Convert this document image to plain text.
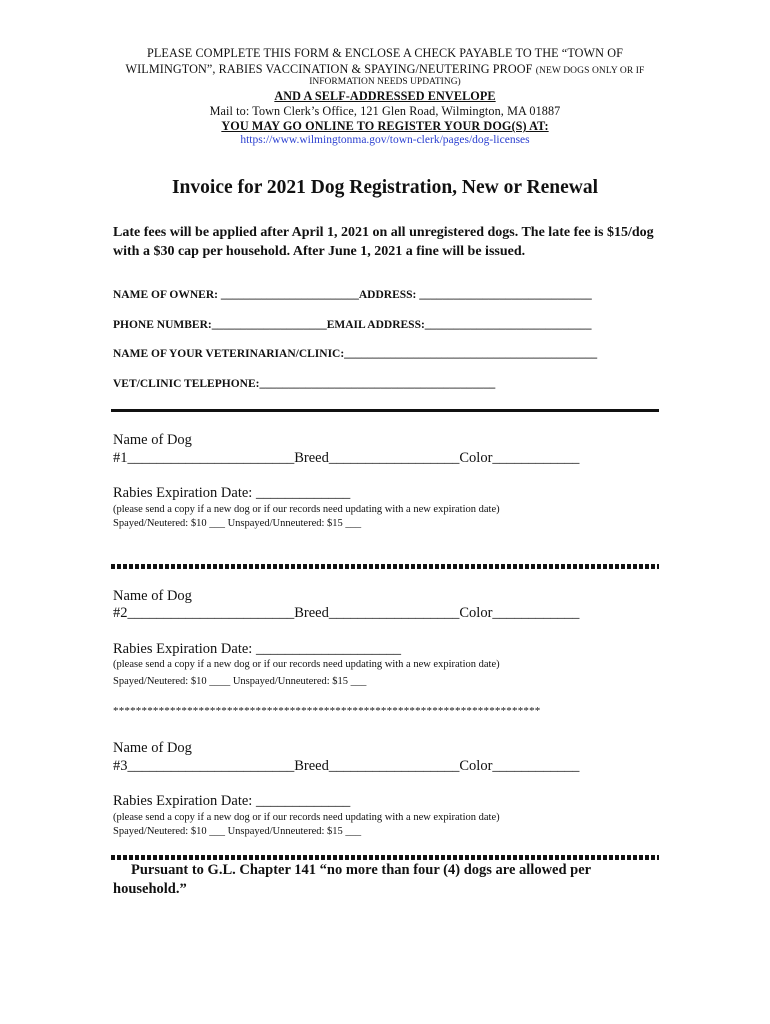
PLEASE COMPLETE THIS FORM & ENCLOSE A CHECK PAYABLE TO THE “TOWN OF
WILMINGTON”, RABIES VACCINATION & SPAYING/NEUTERING PROOF (NEW DOGS ONLY OR IF
INFORMATION NEEDS UPDATING)
AND A SELF-ADDRESSED ENVELOPE
Mail to: Town Clerk’s Office, 121 Glen Road, Wilmington, MA 01887
YOU MAY GO ONLINE TO REGISTER YOUR DOG(S) AT:
https://www.wilmingtonma.gov/town-clerk/pages/dog-licenses
Invoice for 2021 Dog Registration, New or Renewal
Late fees will be applied after April 1, 2021 on all unregistered dogs. The late fee is $15/dog with a $30 cap per household. After June 1, 2021 a fine will be issued.
NAME OF OWNER: ________________________ADDRESS: ______________________________
PHONE NUMBER:____________________EMAIL ADDRESS:_____________________________
NAME OF YOUR VETERINARIAN/CLINIC:____________________________________________
VET/CLINIC TELEPHONE:_________________________________________
Name of Dog
#1_______________________Breed__________________Color____________
Rabies Expiration Date: _____________
(please send a copy if a new dog or if our records need updating with a new expiration date)
Spayed/Neutered: $10 ___ Unspayed/Unneutered: $15 ___
Name of Dog
#2_______________________Breed__________________Color____________
Rabies Expiration Date: ____________________
(please send a copy if a new dog or if our records need updating with a new expiration date)
Spayed/Neutered: $10 ____ Unspayed/Unneutered: $15 ___
***************************************************************************
Name of Dog
#3_______________________Breed__________________Color____________
Rabies Expiration Date: _____________
(please send a copy if a new dog or if our records need updating with a new expiration date)
Spayed/Neutered: $10 ___ Unspayed/Unneutered: $15 ___
Pursuant to G.L. Chapter 141 “no more than four (4) dogs are allowed per
household.”
